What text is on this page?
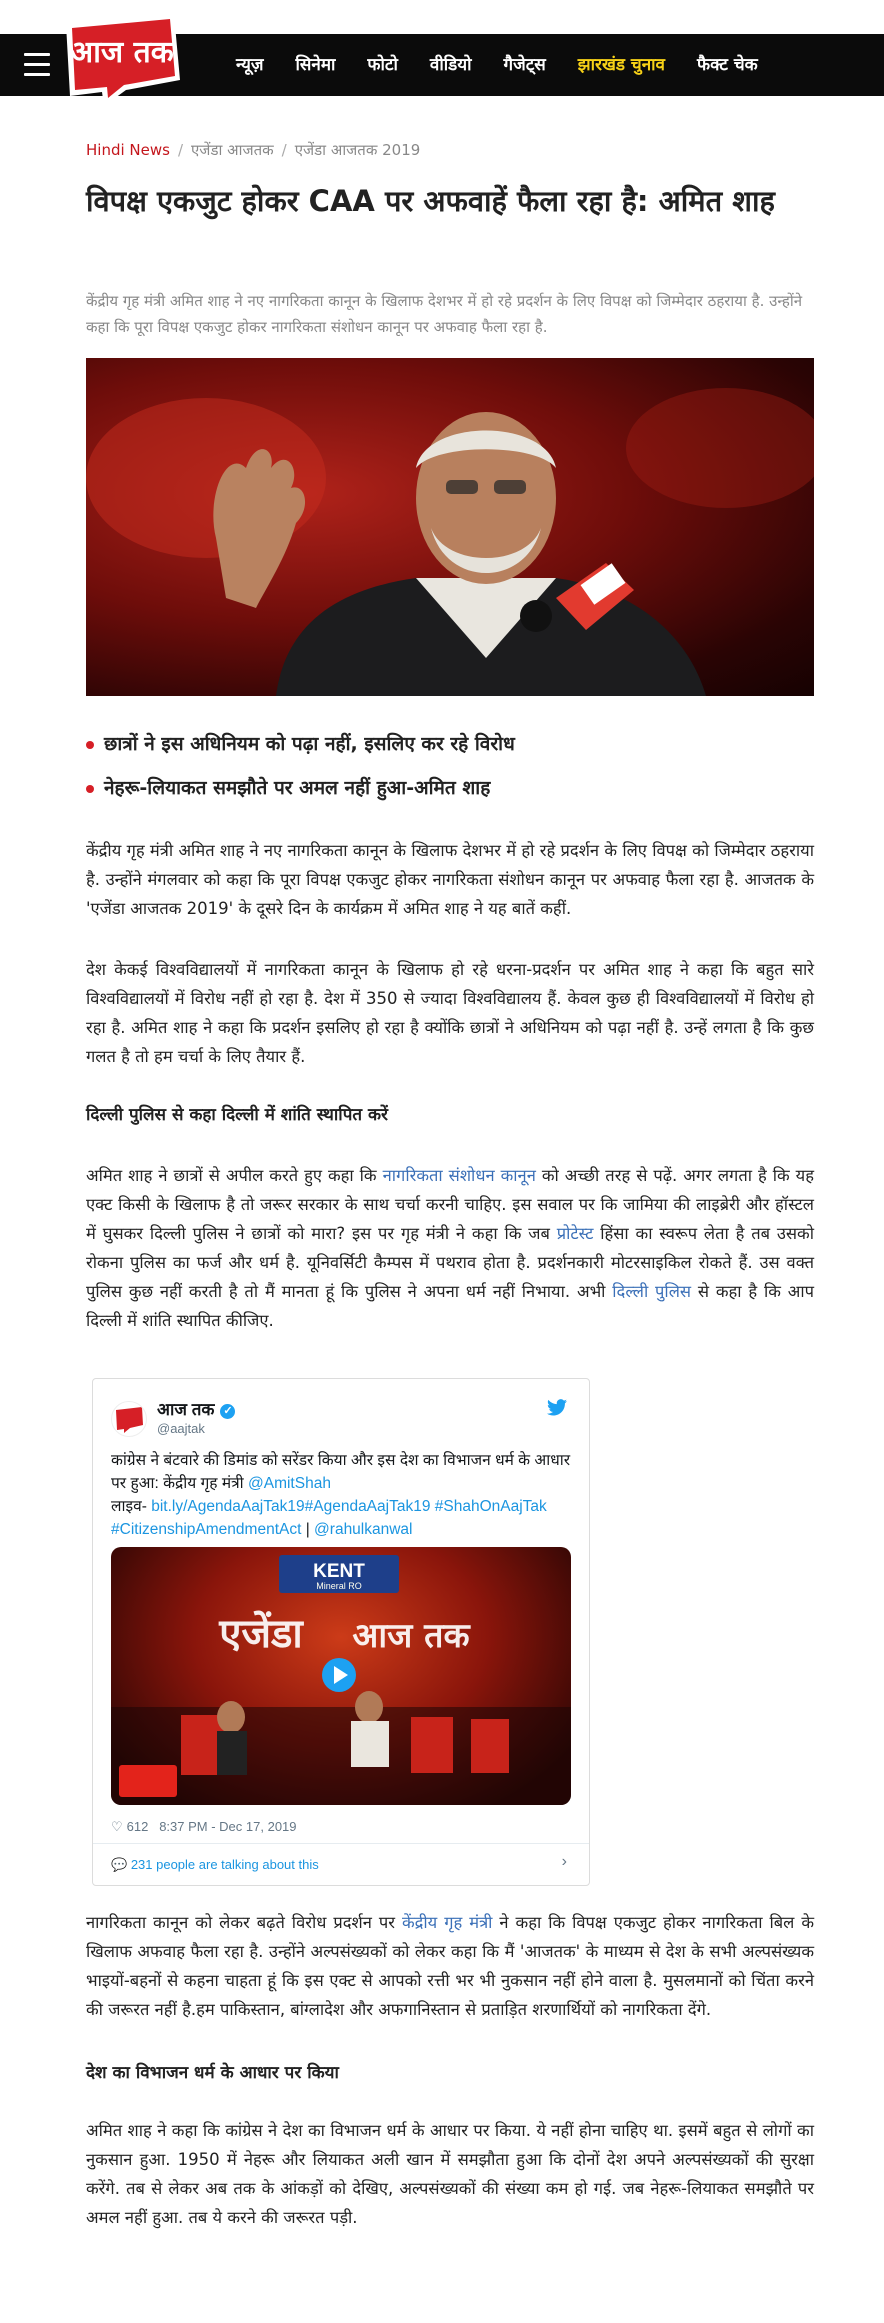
आज तक	न्यूज़	सिनेमा	फोटो	वीडियो	गैजेट्स	झारखंड चुनाव	फैक्ट चेक
Hindi News / एजेंडा आजतक / एजेंडा आजतक 2019
विपक्ष एकजुट होकर CAA पर अफवाहें फैला रहा है: अमित शाह

केंद्रीय गृह मंत्री अमित शाह ने नए नागरिकता कानून के खिलाफ देशभर में हो रहे प्रदर्शन के लिए विपक्ष को जिम्मेदार ठहराया है. उन्होंने कहा कि पूरा विपक्ष एकजुट होकर नागरिकता संशोधन कानून पर अफवाह फैला रहा है.

छात्रों ने इस अधिनियम को पढ़ा नहीं, इसलिए कर रहे विरोध
नेहरू-लियाकत समझौते पर अमल नहीं हुआ-अमित शाह

केंद्रीय गृह मंत्री अमित शाह ने नए नागरिकता कानून के खिलाफ देशभर में हो रहे प्रदर्शन के लिए विपक्ष को जिम्मेदार ठहराया है. उन्होंने मंगलवार को कहा कि पूरा विपक्ष एकजुट होकर नागरिकता संशोधन कानून पर अफवाह फैला रहा है. आजतक के 'एजेंडा आजतक 2019' के दूसरे दिन के कार्यक्रम में अमित शाह ने यह बातें कहीं.

देश केकई विश्वविद्यालयों में नागरिकता कानून के खिलाफ हो रहे धरना-प्रदर्शन पर अमित शाह ने कहा कि बहुत सारे विश्वविद्यालयों में विरोध नहीं हो रहा है. देश में 350 से ज्यादा विश्वविद्यालय हैं. केवल कुछ ही विश्वविद्यालयों में विरोध हो रहा है. अमित शाह ने कहा कि प्रदर्शन इसलिए हो रहा है क्योंकि छात्रों ने अधिनियम को पढ़ा नहीं है. उन्हें लगता है कि कुछ गलत है तो हम चर्चा के लिए तैयार हैं.

दिल्ली पुलिस से कहा दिल्ली में शांति स्थापित करें

अमित शाह ने छात्रों से अपील करते हुए कहा कि नागरिकता संशोधन कानून को अच्छी तरह से पढ़ें. अगर लगता है कि यह एक्ट किसी के खिलाफ है तो जरूर सरकार के साथ चर्चा करनी चाहिए. इस सवाल पर कि जामिया की लाइब्रेरी और हॉस्टल में घुसकर दिल्ली पुलिस ने छात्रों को मारा? इस पर गृह मंत्री ने कहा कि जब प्रोटेस्ट हिंसा का स्वरूप लेता है तब उसको रोकना पुलिस का फर्ज और धर्म है. यूनिवर्सिटी कैम्पस में पथराव होता है. प्रदर्शनकारी मोटरसाइकिल रोकते हैं. उस वक्त पुलिस कुछ नहीं करती है तो मैं मानता हूं कि पुलिस ने अपना धर्म नहीं निभाया. अभी दिल्ली पुलिस से कहा है कि आप दिल्ली में शांति स्थापित कीजिए.

आज तक ✓
@aajtak

कांग्रेस ने बंटवारे की डिमांड को सरेंडर किया और इस देश का विभाजन धर्म के आधार पर हुआ: केंद्रीय गृह मंत्री @AmitShah
लाइव- bit.ly/AgendaAajTak19#AgendaAajTak19 #ShahOnAajTak #CitizenshipAmendmentAct | @rahulkanwal

KENT
Mineral RO
एजेंडा आज तक
♡ 612 8:37 PM - Dec 17, 2019
💬 231 people are talking about this	›

नागरिकता कानून को लेकर बढ़ते विरोध प्रदर्शन पर केंद्रीय गृह मंत्री ने कहा कि विपक्ष एकजुट होकर नागरिकता बिल के खिलाफ अफवाह फैला रहा है. उन्होंने अल्पसंख्यकों को लेकर कहा कि मैं 'आजतक' के माध्यम से देश के सभी अल्पसंख्यक भाइयों-बहनों से कहना चाहता हूं कि इस एक्ट से आपको रत्ती भर भी नुकसान नहीं होने वाला है. मुसलमानों को चिंता करने की जरूरत नहीं है.हम पाकिस्तान, बांग्लादेश और अफगानिस्तान से प्रताड़ित शरणार्थियों को नागरिकता देंगे.

देश का विभाजन धर्म के आधार पर किया

अमित शाह ने कहा कि कांग्रेस ने देश का विभाजन धर्म के आधार पर किया. ये नहीं होना चाहिए था. इसमें बहुत से लोगों का नुकसान हुआ. 1950 में नेहरू और लियाकत अली खान में समझौता हुआ कि दोनों देश अपने अल्पसंख्यकों की सुरक्षा करेंगे. तब से लेकर अब तक के आंकड़ों को देखिए, अल्पसंख्यकों की संख्या कम हो गई. जब नेहरू-लियाकत समझौते पर अमल नहीं हुआ. तब ये करने की जरूरत पड़ी.
